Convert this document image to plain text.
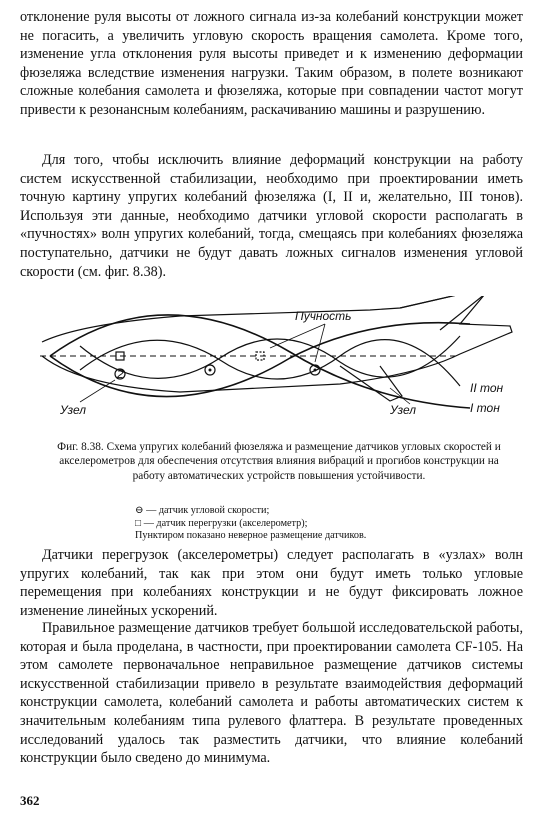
отклонение руля высоты от ложного сигнала из-за колебаний конструкции может не погасить, а увеличить угловую скорость вращения самолета. Кроме того, изменение угла отклонения руля высоты приведет и к изменению деформации фюзеляжа вследствие изменения нагрузки. Таким образом, в полете возникают сложные колебания самолета и фюзеляжа, которые при совпадении частот могут привести к резонансным колебаниям, раскачиванию машины и разрушению.

Для того, чтобы исключить влияние деформаций конструкции на работу систем искусственной стабилизации, необходимо при проектировании иметь точную картину упругих колебаний фюзеляжа (I, II и, желательно, III тонов). Используя эти данные, необходимо датчики угловой скорости располагать в «пучностях» волн упругих колебаний, тогда, смещаясь при колебаниях фюзеляжа поступательно, датчики не будут давать ложных сигналов изменения угловой скорости (см. фиг. 8.38).

Пучность
Узел	Узел
II тон
I тон
2

Фиг. 8.38. Схема упругих колебаний фюзеляжа и размещение датчиков угловых скоростей и акселерометров для обеспечения отсутствия влияния вибраций и прогибов конструкции на работу автоматических устройств повышения устойчивости.

⊖ — датчик угловой скорости;
□ — датчик перегрузки (акселерометр);
Пунктиром показано неверное размещение датчиков.

Датчики перегрузок (акселерометры) следует располагать в «узлах» волн упругих колебаний, так как при этом они будут иметь только угловые перемещения при колебаниях конструкции и не будут фиксировать ложное изменение линейных ускорений.

Правильное размещение датчиков требует большой исследовательской работы, которая и была проделана, в частности, при проектировании самолета CF-105. На этом самолете первоначальное неправильное размещение датчиков системы искусственной стабилизации привело в результате взаимодействия деформаций конструкции самолета, колебаний самолета и работы автоматических систем к значительным колебаниям типа рулевого флаттера. В результате проведенных исследований удалось так разместить датчики, что влияние колебаний конструкции было сведено до минимума.

362
